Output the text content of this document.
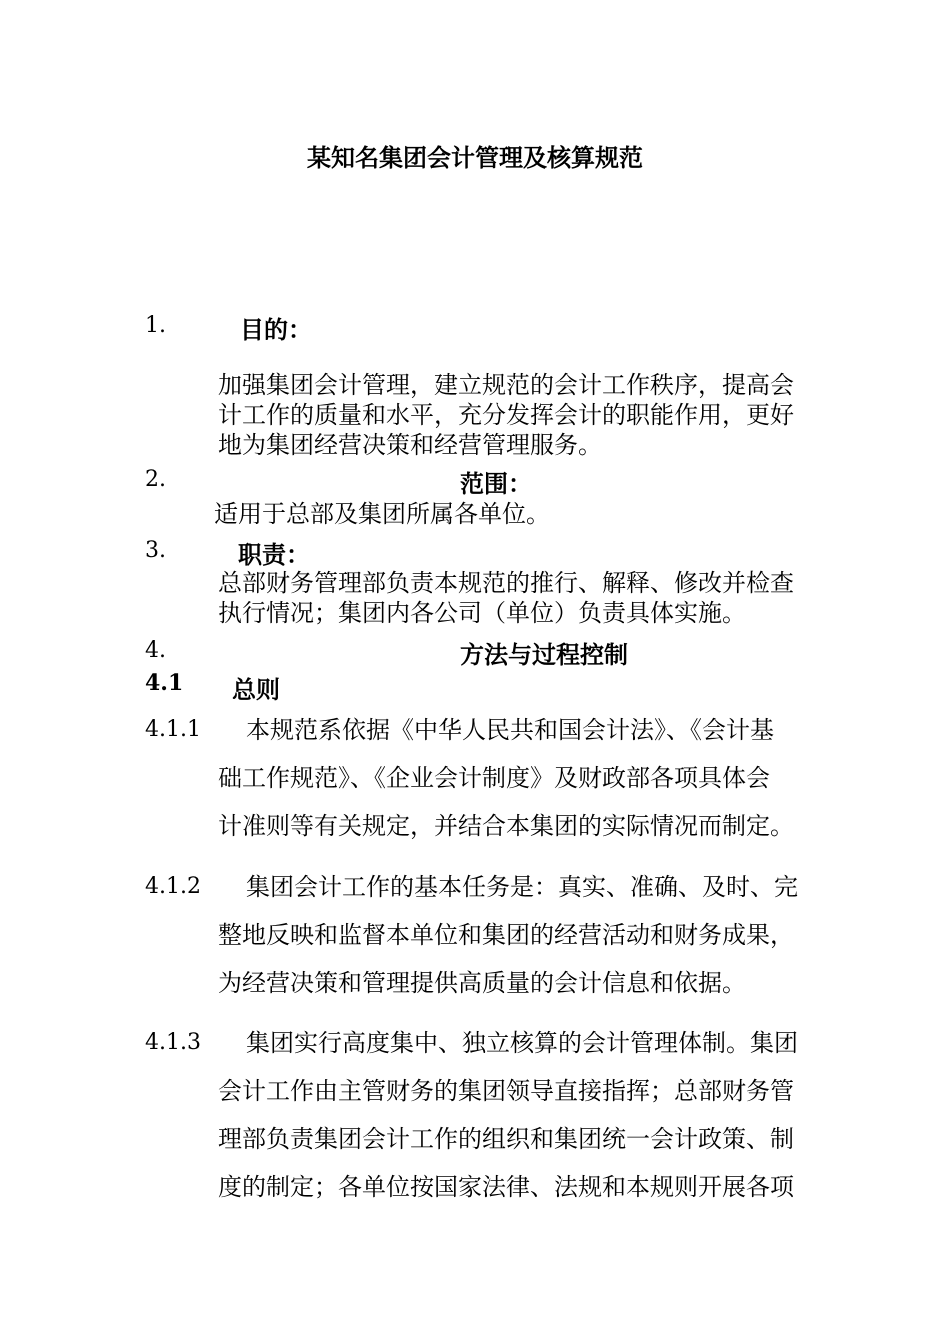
某知名集团会计管理及核算规范
1.	目的：
加强集团会计管理，建立规范的会计工作秩序，提高会
计工作的质量和水平，充分发挥会计的职能作用，更好
地为集团经营决策和经营管理服务。
2.	范围：
适用于总部及集团所属各单位。
3.	职责：
总部财务管理部负责本规范的推行、解释、修改并检查
执行情况；集团内各公司（单位）负责具体实施。
4.	方法与过程控制
4.1 总则
4.1.1	本规范系依据《中华人民共和国会计法》、《会计基
础工作规范》、《企业会计制度》及财政部各项具体会
计准则等有关规定，并结合本集团的实际情况而制定。
4.1.2	集团会计工作的基本任务是：真实、准确、及时、完
整地反映和监督本单位和集团的经营活动和财务成果，
为经营决策和管理提供高质量的会计信息和依据。
4.1.3	集团实行高度集中、独立核算的会计管理体制。集团
会计工作由主管财务的集团领导直接指挥；总部财务管
理部负责集团会计工作的组织和集团统一会计政策、制
度的制定；各单位按国家法律、法规和本规则开展各项
